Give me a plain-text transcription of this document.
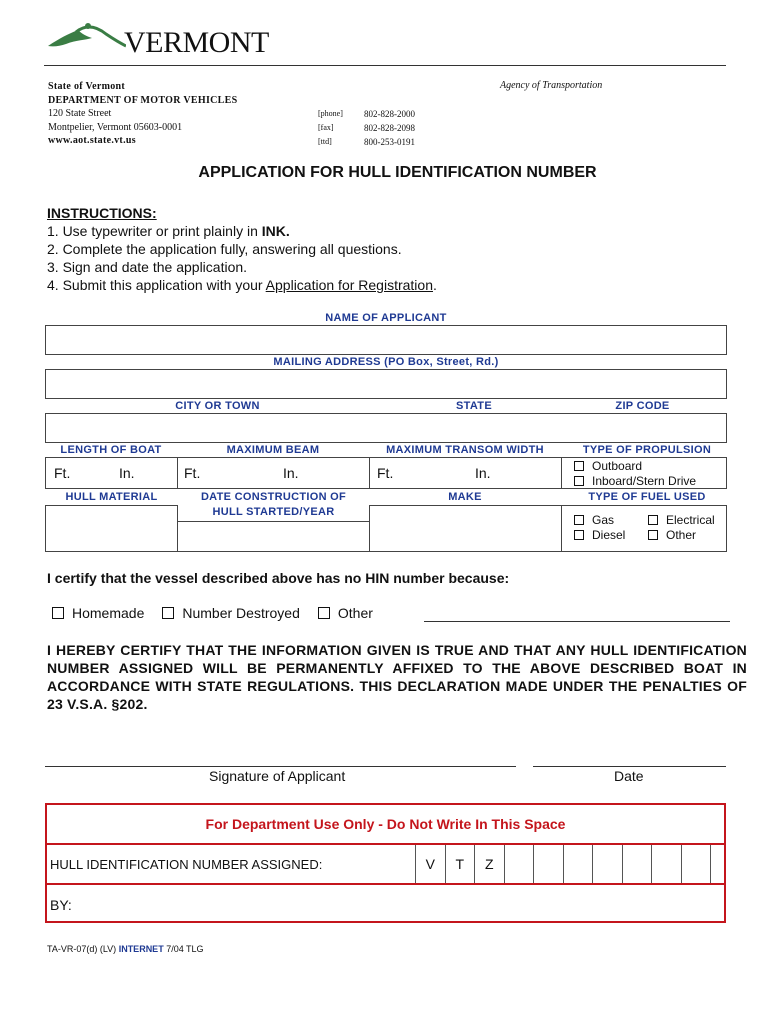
VERMONT
State of Vermont
DEPARTMENT OF MOTOR VEHICLES
120 State Street
Montpelier, Vermont 05603-0001
www.aot.state.vt.us
Agency of Transportation
[phone]	802-828-2000
[fax]	802-828-2098
[ttd]	800-253-0191
APPLICATION FOR HULL IDENTIFICATION NUMBER
INSTRUCTIONS:
1. Use typewriter or print plainly in INK.
2. Complete the application fully, answering all questions.
3. Sign and date the application.
4. Submit this application with your Application for Registration.
NAME OF APPLICANT
MAILING ADDRESS (PO Box, Street, Rd.)
CITY OR TOWN	STATE	ZIP CODE
LENGTH OF BOAT	MAXIMUM BEAM	MAXIMUM TRANSOM WIDTH	TYPE OF PROPULSION
Ft.	In.	Ft.	In.	Ft.	In.	Outboard
Inboard/Stern Drive
HULL MATERIAL	DATE CONSTRUCTION OF
HULL STARTED/YEAR
MAKE	TYPE OF FUEL USED
Gas	Electrical
Diesel	Other
I certify that the vessel described above has no HIN number because:
Homemade	Number Destroyed	Other
I HEREBY CERTIFY THAT THE INFORMATION GIVEN IS TRUE AND THAT ANY HULL IDENTIFICATION NUMBER ASSIGNED WILL BE PERMANENTLY AFFIXED TO THE ABOVE DESCRIBED BOAT IN ACCORDANCE WITH STATE REGULATIONS. THIS DECLARATION MADE UNDER THE PENALTIES OF 23 V.S.A. §202.
Signature of Applicant	Date
For Department Use Only - Do Not Write In This Space
HULL IDENTIFICATION NUMBER ASSIGNED:	V	T	Z
BY:
TA-VR-07(d) (LV) INTERNET 7/04 TLG
